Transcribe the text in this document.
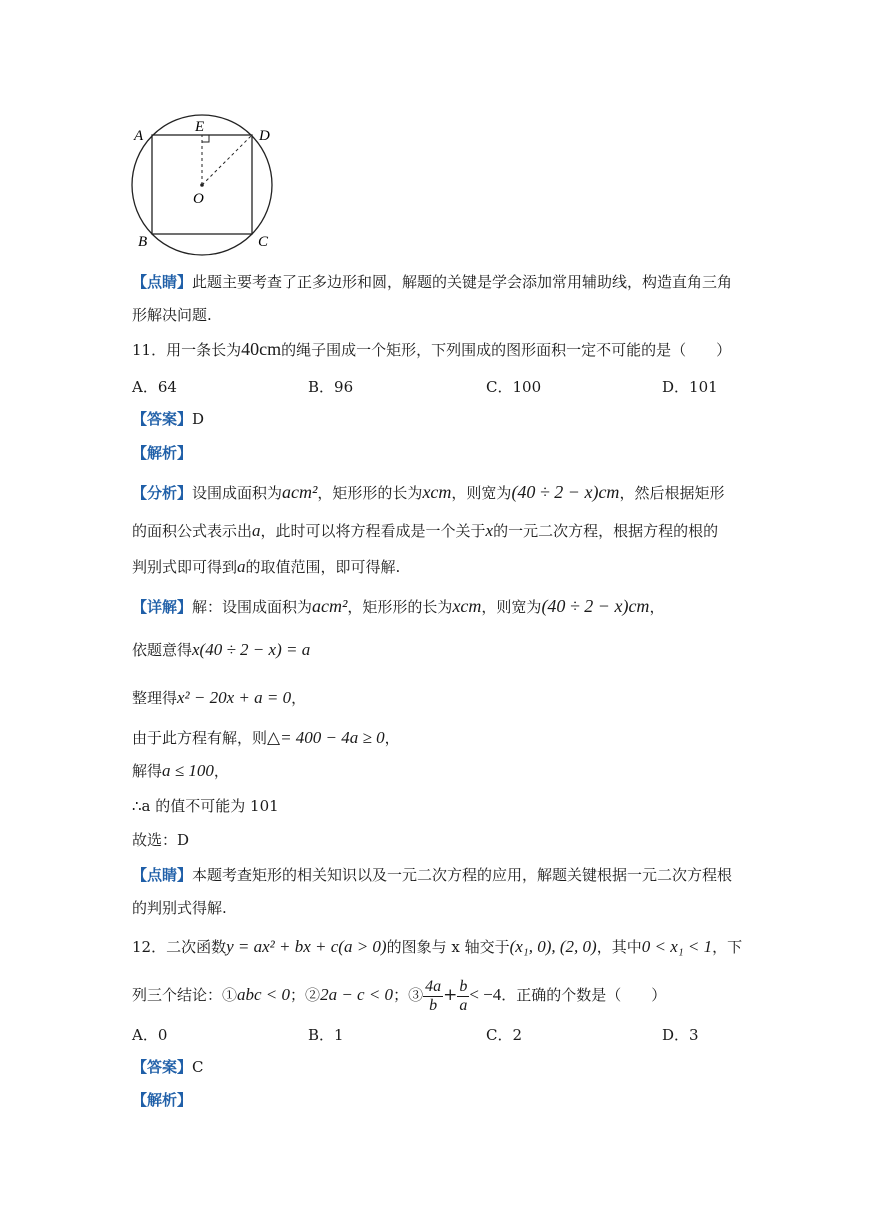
A
E
D
O
B	C
【点睛】此题主要考查了正多边形和圆，解题的关键是学会添加常用辅助线，构造直角三角
形解决问题.
11．用一条长为40cm的绳子围成一个矩形，下列围成的图形面积一定不可能的是（　　）
A．64	B．96	C．100	D．101
【答案】D
【解析】
【分析】设围成面积为acm²，矩形形的长为xcm，则宽为(40 ÷ 2 − x)cm，然后根据矩形
的面积公式表示出a，此时可以将方程看成是一个关于x的一元二次方程，根据方程的根的
判别式即可得到a的取值范围，即可得解.
【详解】解：设围成面积为acm²，矩形形的长为xcm，则宽为(40 ÷ 2 − x)cm，
依题意得x(40 ÷ 2 − x) = a
整理得x² − 20x + a = 0，
由于此方程有解，则△= 400 − 4a ≥ 0，
解得a ≤ 100，
∴a 的值不可能为 101
故选：D
【点睛】本题考查矩形的相关知识以及一元二次方程的应用，解题关键根据一元二次方程根
的判别式得解.
12．二次函数y = ax² + bx + c(a > 0)的图象与 x 轴交于(x₁, 0), (2, 0)，其中0 < x₁ < 1，下
列三个结论：①abc < 0；②2a − c < 0；③ $\frac{4a}{b} + \frac{b}{a} < -4$．正确的个数是（　　）
A．0	B．1	C．2	D．3
【答案】C
【解析】
